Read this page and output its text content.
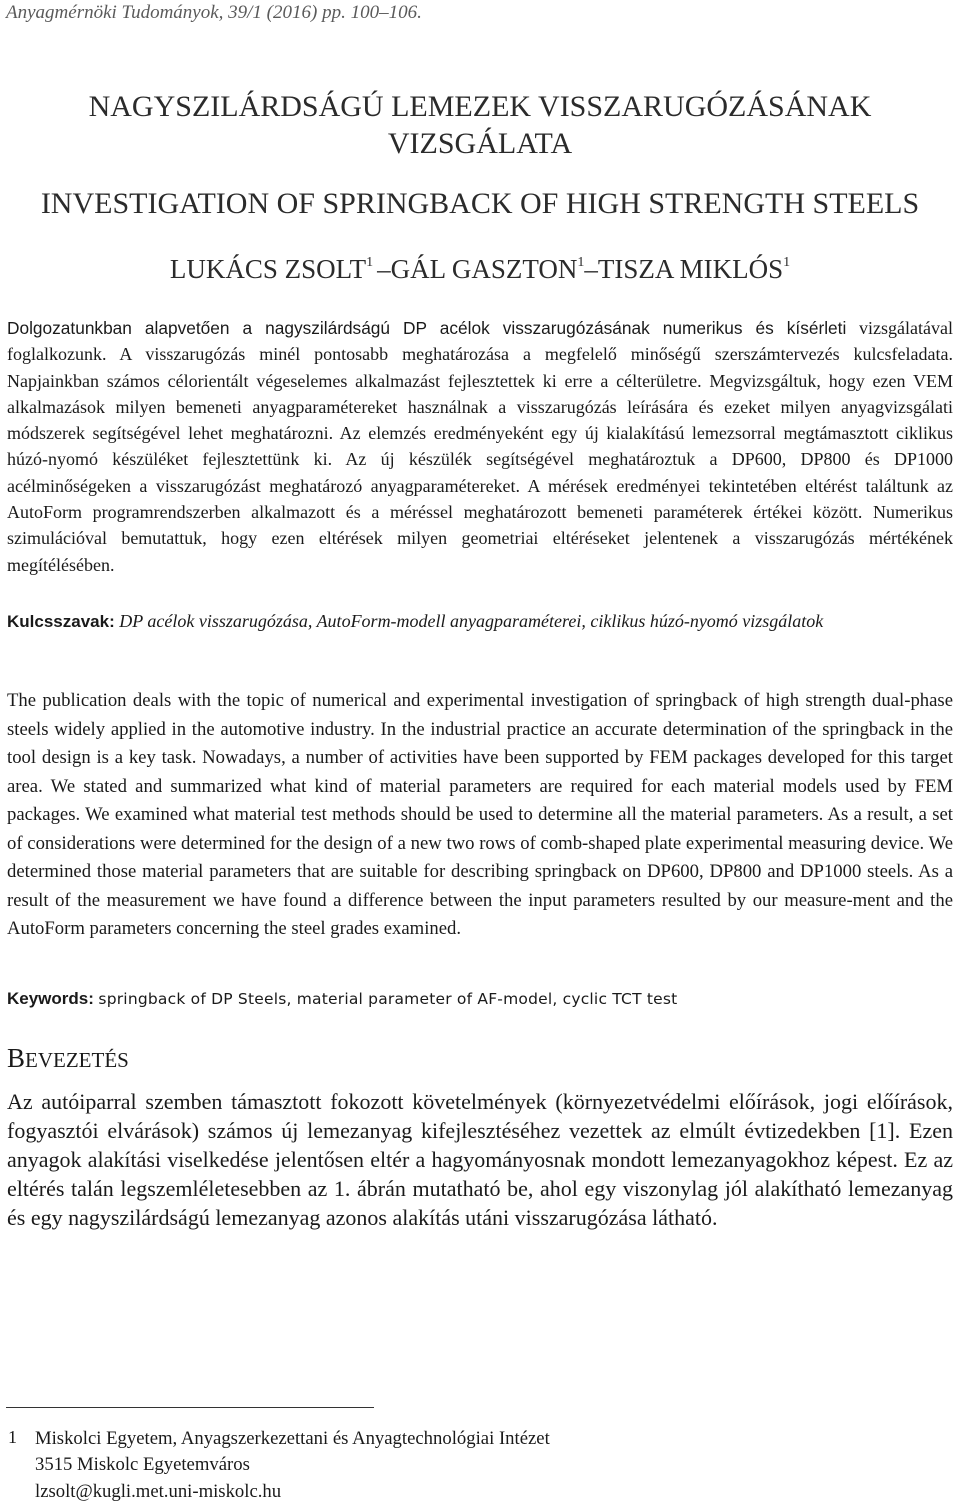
Anyagmérnöki Tudományok, 39/1 (2016) pp. 100–106.
NAGYSZILÁRDSÁGÚ LEMEZEK VISSZARUGÓZÁSÁNAK
VIZSGÁLATA
INVESTIGATION OF SPRINGBACK OF HIGH STRENGTH STEELS
LUKÁCS ZSOLT$^1$ –GÁL GASZTON$^1$–TISZA MIKLÓS$^1$
Dolgozatunkban alapvetően a nagyszilárdságú DP acélok visszarugózásának numerikus és kísérleti vizsgálatával foglalkozunk. A visszarugózás minél pontosabb meghatározása a megfelelő minőségű szerszámtervezés kulcsfeladata. Napjainkban számos célorientált végeselemes alkalmazást fejlesztettek ki erre a célterületre. Megvizsgáltuk, hogy ezen VEM alkalmazások milyen bemeneti anyagparamétereket használnak a visszarugózás leírására és ezeket milyen anyagvizsgálati módszerek segítségével lehet meghatározni. Az elemzés eredményeként egy új kialakítású lemezsorral megtámasztott ciklikus húzó-nyomó készüléket fejlesztettünk ki. Az új készülék segítségével meghatároztuk a DP600, DP800 és DP1000 acélminőségeken a visszarugózást meghatározó anyagparamétereket. A mérések eredményei tekintetében eltérést találtunk az AutoForm programrendszerben alkalmazott és a méréssel meghatározott bemeneti paraméterek értékei között. Numerikus szimulációval bemutattuk, hogy ezen eltérések milyen geometriai eltéréseket jelentenek a visszarugózás mértékének megítélésében.
Kulcsszavak: DP acélok visszarugózása, AutoForm-modell anyagparaméterei, ciklikus húzó-nyomó vizsgálatok
The publication deals with the topic of numerical and experimental investigation of springback of high strength dual-phase steels widely applied in the automotive industry. In the industrial practice an accurate determination of the springback in the tool design is a key task. Nowadays, a number of activities have been supported by FEM packages developed for this target area. We stated and summarized what kind of material parameters are required for each material models used by FEM packages. We examined what material test methods should be used to determine all the material parameters. As a result, a set of considerations were determined for the design of a new two rows of comb-shaped plate experimental measuring device. We determined those material parameters that are suitable for describing springback on DP600, DP800 and DP1000 steels. As a result of the measurement we have found a difference between the input parameters resulted by our measure-ment and the AutoForm parameters concerning the steel grades examined.
Keywords: springback of DP Steels, material parameter of AF-model, cyclic TCT test
BEVEZETÉS
Az autóiparral szemben támasztott fokozott követelmények (környezetvédelmi előírások, jogi előírások, fogyasztói elvárások) számos új lemezanyag kifejlesztéséhez vezettek az elmúlt évtizedekben [1]. Ezen anyagok alakítási viselkedése jelentősen eltér a hagyományosnak mondott lemezanyagokhoz képest. Ez az eltérés talán legszemléletesebben az 1. ábrán mutatható be, ahol egy viszonylag jól alakítható lemezanyag és egy nagyszilárdságú lemezanyag azonos alakítás utáni visszarugózása látható.
1 Miskolci Egyetem, Anyagszerkezettani és Anyagtechnológiai Intézet
3515 Miskolc Egyetemváros
lzsolt@kugli.met.uni-miskolc.hu
